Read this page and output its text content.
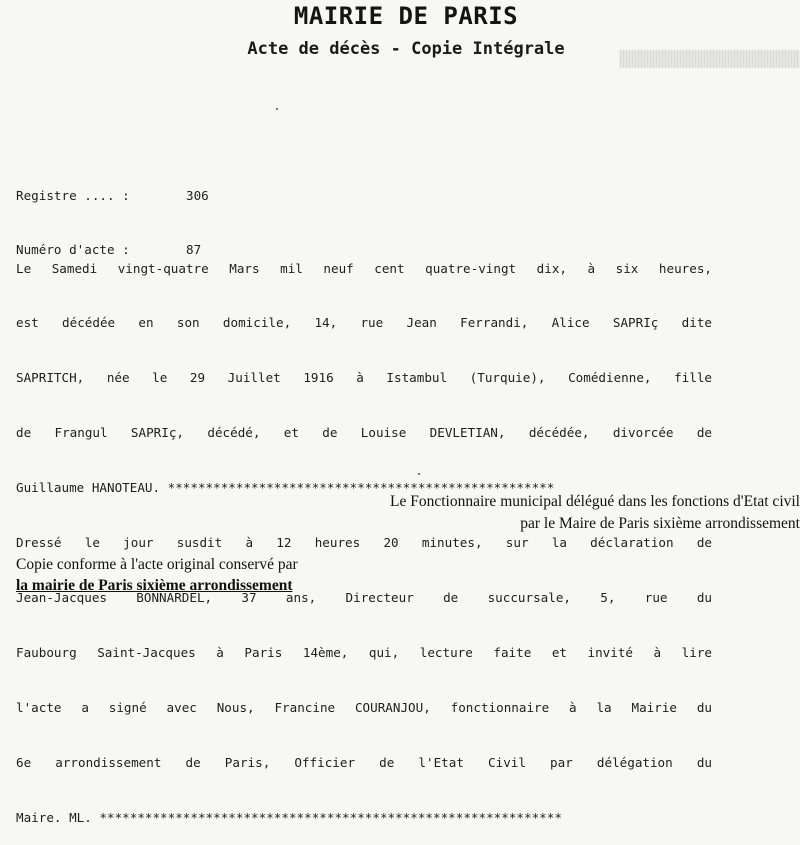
MAIRIE DE PARIS
Acte de décès - Copie Intégrale

Registre .... :	306

Numéro d'acte :	87

Le Samedi vingt-quatre Mars mil neuf cent quatre-vingt dix, à six heures,

est décédée en son domicile, 14, rue Jean Ferrandi, Alice SAPRIç dite

SAPRITCH, née le 29 Juillet 1916 à Istambul (Turquie), Comédienne, fille

de Frangul SAPRIç, décédé, et de Louise DEVLETIAN, décédée, divorcée de

Guillaume HANOTEAU. ***************************************************

Dressé le jour susdit à 12 heures 20 minutes, sur la déclaration de

Jean-Jacques BONNARDEL, 37 ans, Directeur de succursale, 5, rue du

Faubourg Saint-Jacques à Paris 14ème, qui, lecture faite et invité à lire

l'acte a signé avec Nous, Francine COURANJOU, fonctionnaire à la Mairie du

6e arrondissement de Paris, Officier de l'Etat Civil par délégation du

Maire. ML. *************************************************************

Le Fonctionnaire municipal délégué dans les fonctions d'Etat civil
par le Maire de Paris sixième arrondissement
Copie conforme à l'acte original conservé par
la mairie de Paris sixième arrondissement
